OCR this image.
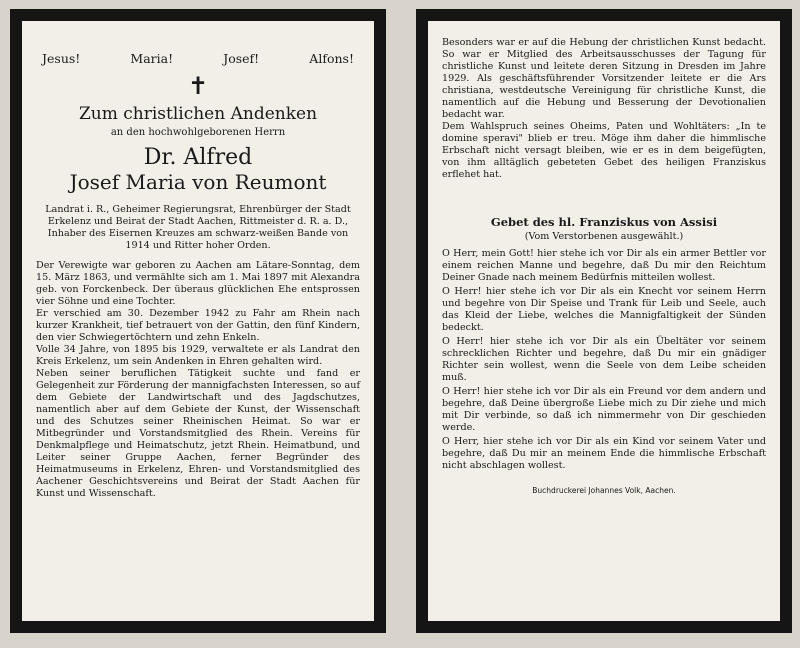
Jesus!	Maria!	Josef!	Alfons!
✝
Zum christlichen Andenken
an den hochwohlgeborenen Herrn
Dr. Alfred
Josef Maria von Reumont
Landrat i. R., Geheimer Regierungsrat, Ehrenbürger der Stadt Erkelenz und Beirat der Stadt Aachen, Rittmeister d. R. a. D., Inhaber des Eisernen Kreuzes am schwarz-weißen Bande von 1914 und Ritter hoher Orden.

Der Verewigte war geboren zu Aachen am Lätare-Sonntag, dem 15. März 1863, und vermählte sich am 1. Mai 1897 mit Alexandra geb. von Forckenbeck. Der überaus glücklichen Ehe entsprossen vier Söhne und eine Tochter.

Er verschied am 30. Dezember 1942 zu Fahr am Rhein nach kurzer Krankheit, tief betrauert von der Gattin, den fünf Kindern, den vier Schwiegertöchtern und zehn Enkeln.

Volle 34 Jahre, von 1895 bis 1929, verwaltete er als Landrat den Kreis Erkelenz, um sein Andenken in Ehren gehalten wird.

Neben seiner beruflichen Tätigkeit suchte und fand er Gelegenheit zur Förderung der mannigfachsten Interessen, so auf dem Gebiete der Landwirtschaft und des Jagdschutzes, namentlich aber auf dem Gebiete der Kunst, der Wissenschaft und des Schutzes seiner Rheinischen Heimat. So war er Mitbegründer und Vorstandsmitglied des Rhein. Vereins für Denkmalpflege und Heimatschutz, jetzt Rhein. Heimatbund, und Leiter seiner Gruppe Aachen, ferner Begründer des Heimatmuseums in Erkelenz, Ehren- und Vorstandsmitglied des Aachener Geschichtsvereins und Beirat der Stadt Aachen für Kunst und Wissenschaft.

Besonders war er auf die Hebung der christlichen Kunst bedacht. So war er Mitglied des Arbeitsausschusses der Tagung für christliche Kunst und leitete deren Sitzung in Dresden im Jahre 1929. Als geschäftsführender Vorsitzender leitete er die Ars christiana, westdeutsche Vereinigung für christliche Kunst, die namentlich auf die Hebung und Besserung der Devotionalien bedacht war.

Dem Wahlspruch seines Oheims, Paten und Wohltäters: „In te domine speravi" blieb er treu. Möge ihm daher die himmlische Erbschaft nicht versagt bleiben, wie er es in dem beigefügten, von ihm alltäglich gebeteten Gebet des heiligen Franziskus erflehet hat.

Gebet des hl. Franziskus von Assisi
(Vom Verstorbenen ausgewählt.)

O Herr, mein Gott! hier stehe ich vor Dir als ein armer Bettler vor einem reichen Manne und begehre, daß Du mir den Reichtum Deiner Gnade nach meinem Bedürfnis mitteilen wollest.

O Herr! hier stehe ich vor Dir als ein Knecht vor seinem Herrn und begehre von Dir Speise und Trank für Leib und Seele, auch das Kleid der Liebe, welches die Mannigfaltigkeit der Sünden bedeckt.

O Herr! hier stehe ich vor Dir als ein Übeltäter vor seinem schrecklichen Richter und begehre, daß Du mir ein gnädiger Richter sein wollest, wenn die Seele von dem Leibe scheiden muß.

O Herr! hier stehe ich vor Dir als ein Freund vor dem andern und begehre, daß Deine übergroße Liebe mich zu Dir ziehe und mich mit Dir verbinde, so daß ich nimmermehr von Dir geschieden werde.

O Herr, hier stehe ich vor Dir als ein Kind vor seinem Vater und begehre, daß Du mir an meinem Ende die himmlische Erbschaft nicht abschlagen wollest.

Buchdruckerei Johannes Volk, Aachen.
